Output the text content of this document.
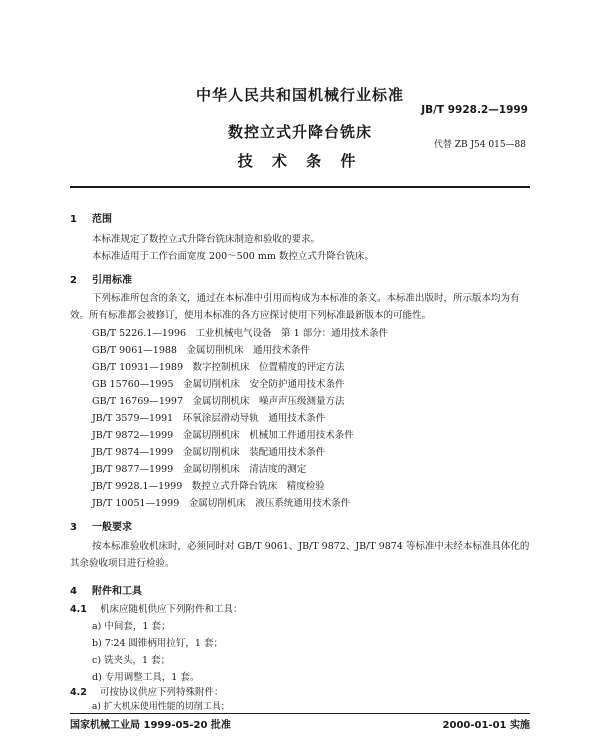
中华人民共和国机械行业标准
JB/T 9928.2—1999
数控立式升降台铣床
代替 ZB J54 015—88
技 术 条 件
1 范围
本标准规定了数控立式升降台铣床制造和验收的要求。
本标准适用于工作台面宽度 200～500 mm 数控立式升降台铣床。
2 引用标准
下列标准所包含的条文，通过在本标准中引用而构成为本标准的条文。本标准出版时，所示版本均为有效。所有标准都会被修订，使用本标准的各方应探讨使用下列标准最新版本的可能性。
GB/T 5226.1—1996　工业机械电气设备　第 1 部分：通用技术条件
GB/T 9061—1988　金属切削机床　通用技术条件
GB/T 10931—1989　数字控制机床　位置精度的评定方法
GB 15760—1995　金属切削机床　安全防护通用技术条件
GB/T 16769—1997　金属切削机床　噪声声压级测量方法
JB/T 3579—1991　环氧涂层滑动导轨　通用技术条件
JB/T 9872—1999　金属切削机床　机械加工件通用技术条件
JB/T 9874—1999　金属切削机床　装配通用技术条件
JB/T 9877—1999　金属切削机床　清洁度的测定
JB/T 9928.1—1999　数控立式升降台铣床　精度检验
JB/T 10051—1999　金属切削机床　液压系统通用技术条件
3 一般要求
按本标准验收机床时，必须同时对 GB/T 9061、JB/T 9872、JB/T 9874 等标准中未经本标准具体化的其余验收项目进行检验。
4 附件和工具
4.1 机床应随机供应下列附件和工具：
a) 中间套，1 套；
b) 7∶24 圆锥柄用拉钉，1 套；
c) 铣夹头，1 套；
d) 专用调整工具，1 套。
4.2 可按协议供应下列特殊附件：
国家机械工业局 1999-05-20 批准	2000-01-01 实施
a) 扩大机床使用性能的切削工具；
